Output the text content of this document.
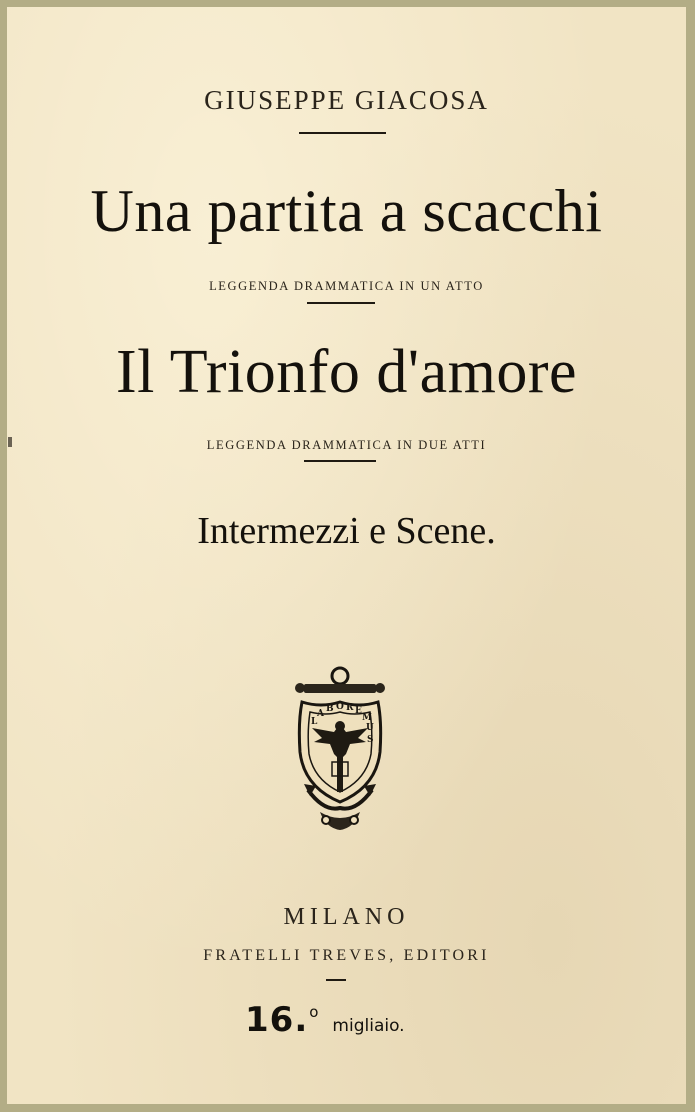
GIUSEPPE GIACOSA
Una partita a scacchi
LEGGENDA DRAMMATICA IN UN ATTO
Il Trionfo d'amore
LEGGENDA DRAMMATICA IN DUE ATTI
Intermezzi e Scene.
L
A B O R E
M
U
S
MILANO
FRATELLI TREVES, EDITORI
16.omigliaio.
